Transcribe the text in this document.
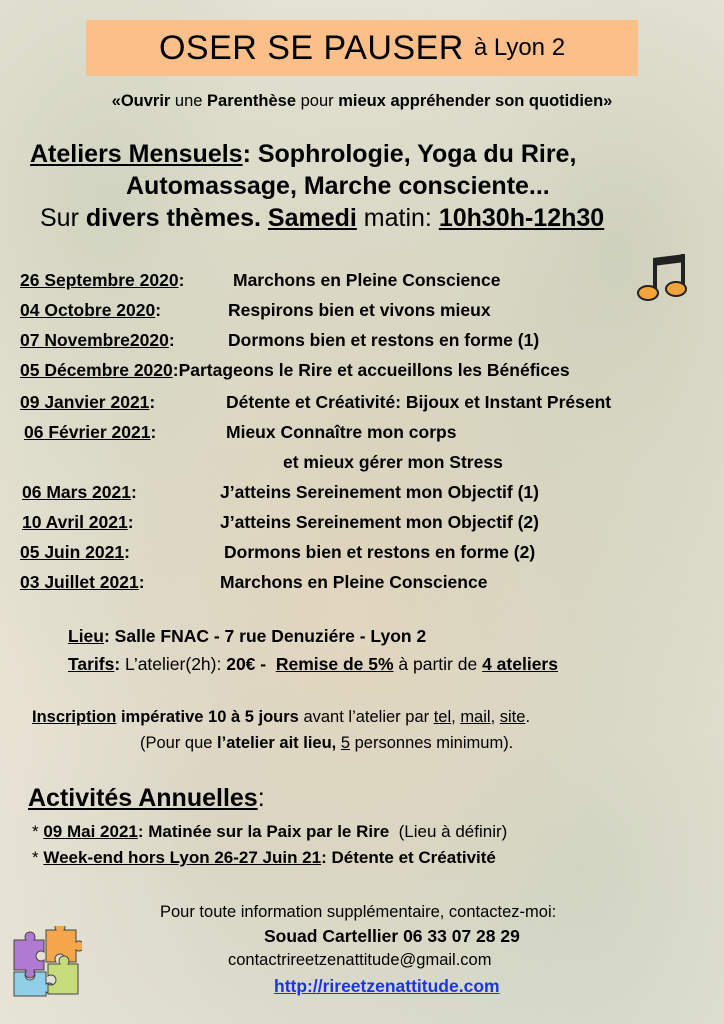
OSER SE PAUSER à Lyon 2
«Ouvrir une Parenthèse pour mieux appréhender son quotidien»
Ateliers Mensuels: Sophrologie, Yoga du Rire,
Automassage, Marche consciente...
Sur divers thèmes. Samedi matin: 10h30h-12h30
26 Septembre 2020:	Marchons en Pleine Conscience
04 Octobre 2020:	Respirons bien et vivons mieux
07 Novembre2020:	Dormons bien et restons en forme (1)
05 Décembre 2020:Partageons le Rire et accueillons les Bénéfices
09 Janvier 2021:	Détente et Créativité: Bijoux et Instant Présent
06 Février 2021:	Mieux Connaître mon corps
et mieux gérer mon Stress
06 Mars 2021:	J’atteins Sereinement mon Objectif (1)
10 Avril 2021:	J’atteins Sereinement mon Objectif (2)
05 Juin 2021:	Dormons bien et restons en forme (2)
03 Juillet 2021:	Marchons en Pleine Conscience
Lieu: Salle FNAC - 7 rue Denuziére - Lyon 2
Tarifs: L’atelier(2h): 20€ - Remise de 5% à partir de 4 ateliers
Inscription impérative 10 à 5 jours avant l’atelier par tel, mail, site.
(Pour que l’atelier ait lieu, 5 personnes minimum).
Activités Annuelles:
* 09 Mai 2021: Matinée sur la Paix par le Rire  (Lieu à définir)
* Week-end hors Lyon 26-27 Juin 21: Détente et Créativité
Pour toute information supplémentaire, contactez-moi:
Souad Cartellier 06 33 07 28 29
contactrireetzenattitude@gmail.com
http://rireetzenattitude.com
